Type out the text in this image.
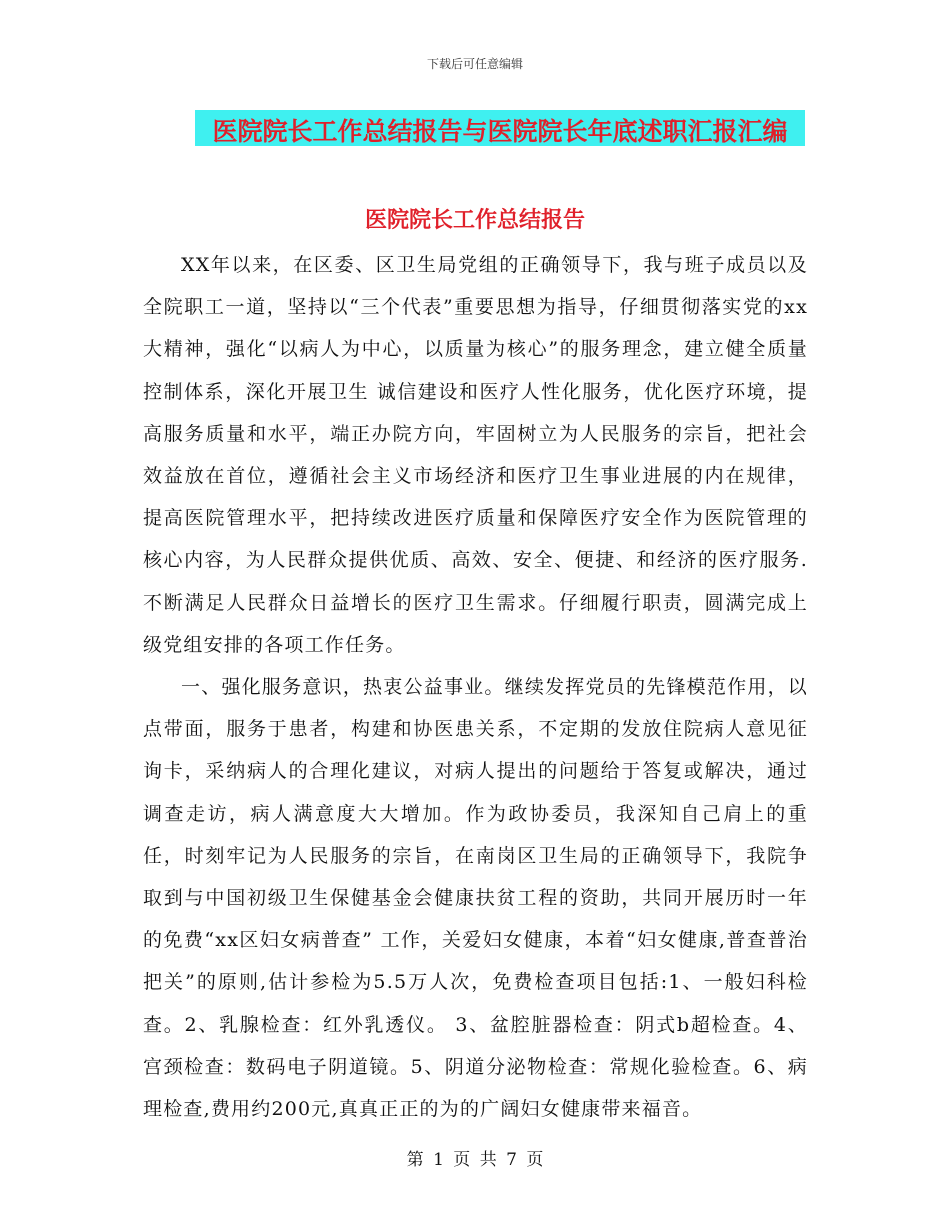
下载后可任意编辑
医院院长工作总结报告与医院院长年底述职汇报汇编
医院院长工作总结报告

XX年以来，在区委、区卫生局党组的正确领导下，我与班子成员以及全院职工一道，坚持以“三个代表”重要思想为指导，仔细贯彻落实党的xx大精神，强化“以病人为中心，以质量为核心”的服务理念，建立健全质量控制体系，深化开展卫生 诚信建设和医疗人性化服务，优化医疗环境，提高服务质量和水平，端正办院方向，牢固树立为人民服务的宗旨，把社会效益放在首位，遵循社会主义市场经济和医疗卫生事业进展的内在规律，提高医院管理水平，把持续改进医疗质量和保障医疗安全作为医院管理的核心内容，为人民群众提供优质、高效、安全、便捷、和经济的医疗服务.不断满足人民群众日益增长的医疗卫生需求。仔细履行职责，圆满完成上级党组安排的各项工作任务。

一、强化服务意识，热衷公益事业。继续发挥党员的先锋模范作用，以点带面，服务于患者，构建和协医患关系，不定期的发放住院病人意见征询卡，采纳病人的合理化建议，对病人提出的问题给于答复或解决，通过调查走访，病人满意度大大增加。作为政协委员，我深知自己肩上的重任，时刻牢记为人民服务的宗旨，在南岗区卫生局的正确领导下，我院争取到与中国初级卫生保健基金会健康扶贫工程的资助，共同开展历时一年的免费“xx区妇女病普查” 工作，关爱妇女健康，本着“妇女健康,普查普治把关”的原则,估计参检为5.5万人次，免费检查项目包括:1、一般妇科检查。2、乳腺检查：红外乳透仪。 3、盆腔脏器检查：阴式b超检查。4、宫颈检查：数码电子阴道镜。5、阴道分泌物检查：常规化验检查。6、病理检查,费用约200元,真真正正的为的广阔妇女健康带来福音。

第 1 页 共 7 页
